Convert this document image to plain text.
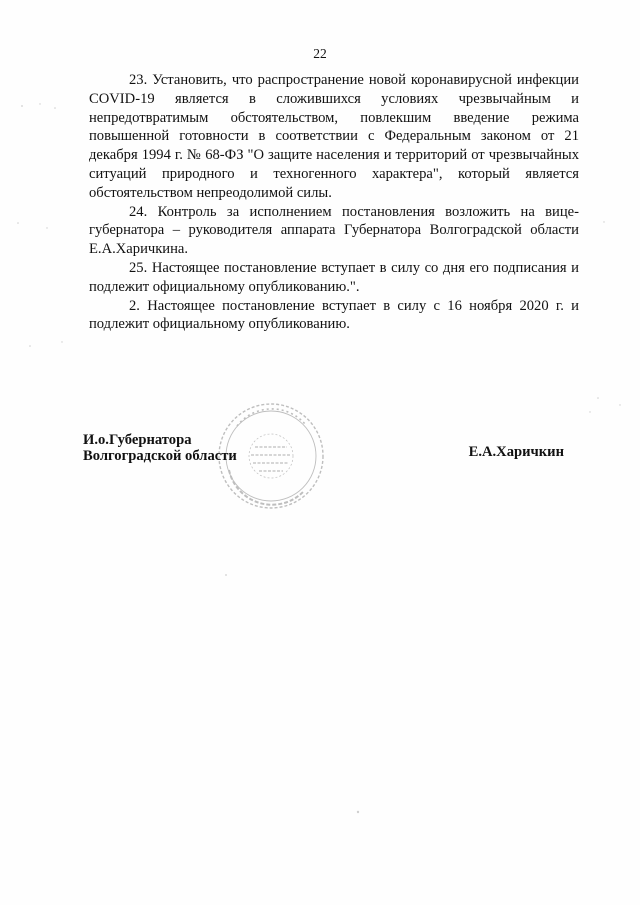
22

23. Установить, что распространение новой коронавирусной инфекции COVID-19 является в сложившихся условиях чрезвычайным и непредотвратимым обстоятельством, повлекшим введение режима повышенной готовности в соответствии с Федеральным законом от 21 декабря 1994 г. № 68-ФЗ "О защите населения и территорий от чрезвычайных ситуаций природного и техногенного характера", который является обстоятельством непреодолимой силы.

24. Контроль за исполнением постановления возложить на вице-губернатора – руководителя аппарата Губернатора Волгоградской области Е.А.Харичкина.

25. Настоящее постановление вступает в силу со дня его подписания и подлежит официальному опубликованию.".

2. Настоящее постановление вступает в силу с 16 ноября 2020 г. и подлежит официальному опубликованию.

И.о.Губернатора
Волгоградской области	Е.А.Харичкин
